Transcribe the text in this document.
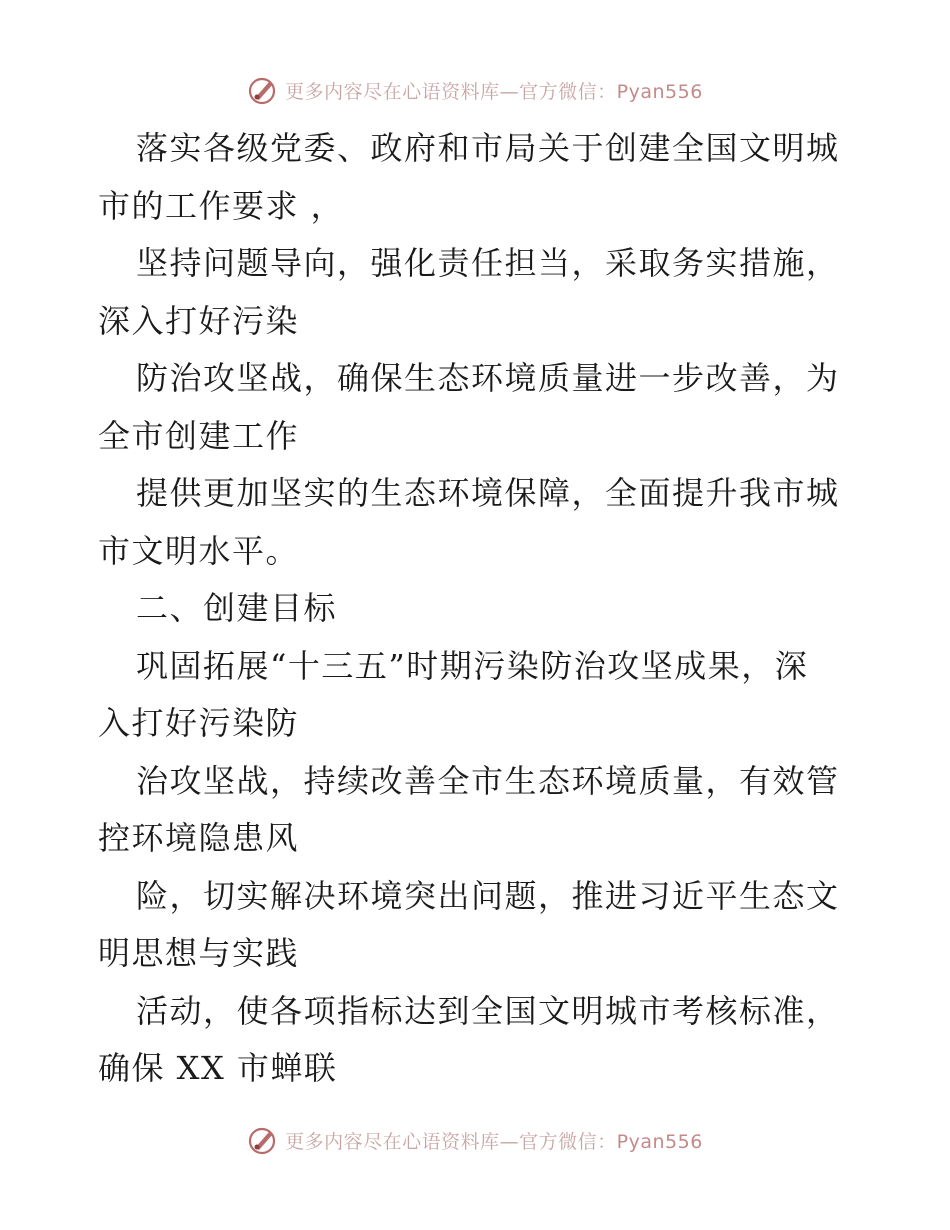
更多内容尽在心语资料库—官方微信：Pyan556
落实各级党委、政府和市局关于创建全国文明城
市的工作要求 ，
坚持问题导向，强化责任担当，采取务实措施，
深入打好污染
防治攻坚战，确保生态环境质量进一步改善，为
全市创建工作
提供更加坚实的生态环境保障，全面提升我市城
市文明水平。
二、创建目标
巩固拓展“十三五”时期污染防治攻坚成果，深
入打好污染防
治攻坚战，持续改善全市生态环境质量，有效管
控环境隐患风
险，切实解决环境突出问题，推进习近平生态文
明思想与实践
活动，使各项指标达到全国文明城市考核标准，
确保 XX 市蝉联
更多内容尽在心语资料库—官方微信：Pyan556
